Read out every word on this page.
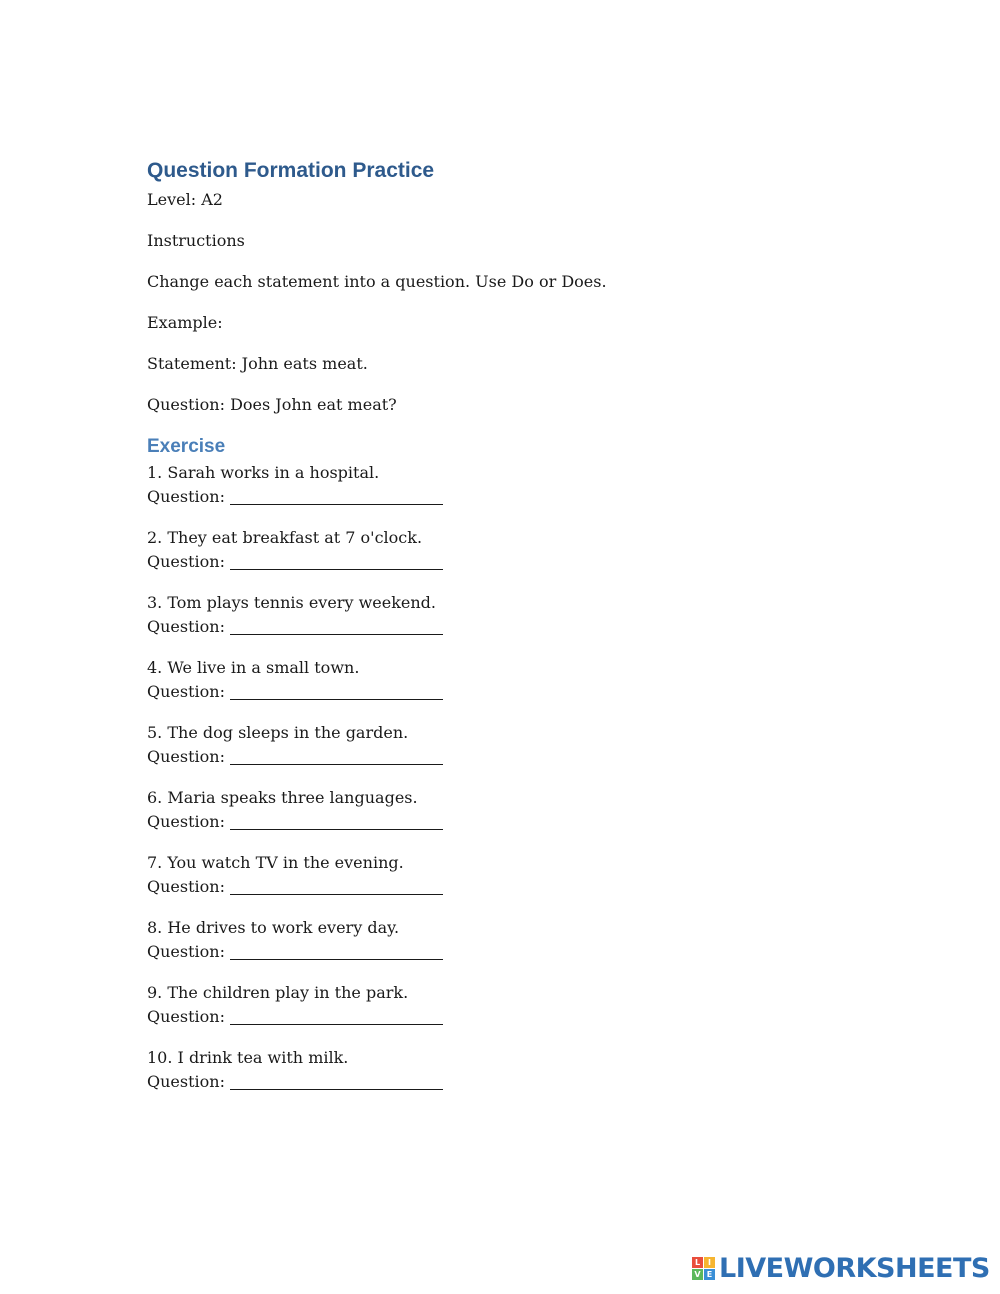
Question Formation Practice

Level: A2

Instructions

Change each statement into a question. Use Do or Does.

Example:

Statement: John eats meat.

Question: Does John eat meat?

Exercise

1. Sarah works in a hospital.

Question:

2. They eat breakfast at 7 o'clock.

Question:

3. Tom plays tennis every weekend.

Question:

4. We live in a small town.

Question:

5. The dog sleeps in the garden.

Question:

6. Maria speaks three languages.

Question:

7. You watch TV in the evening.

Question:

8. He drives to work every day.

Question:

9. The children play in the park.

Question:

10. I drink tea with milk.

Question:
L I
V E LIVEWORKSHEETS
